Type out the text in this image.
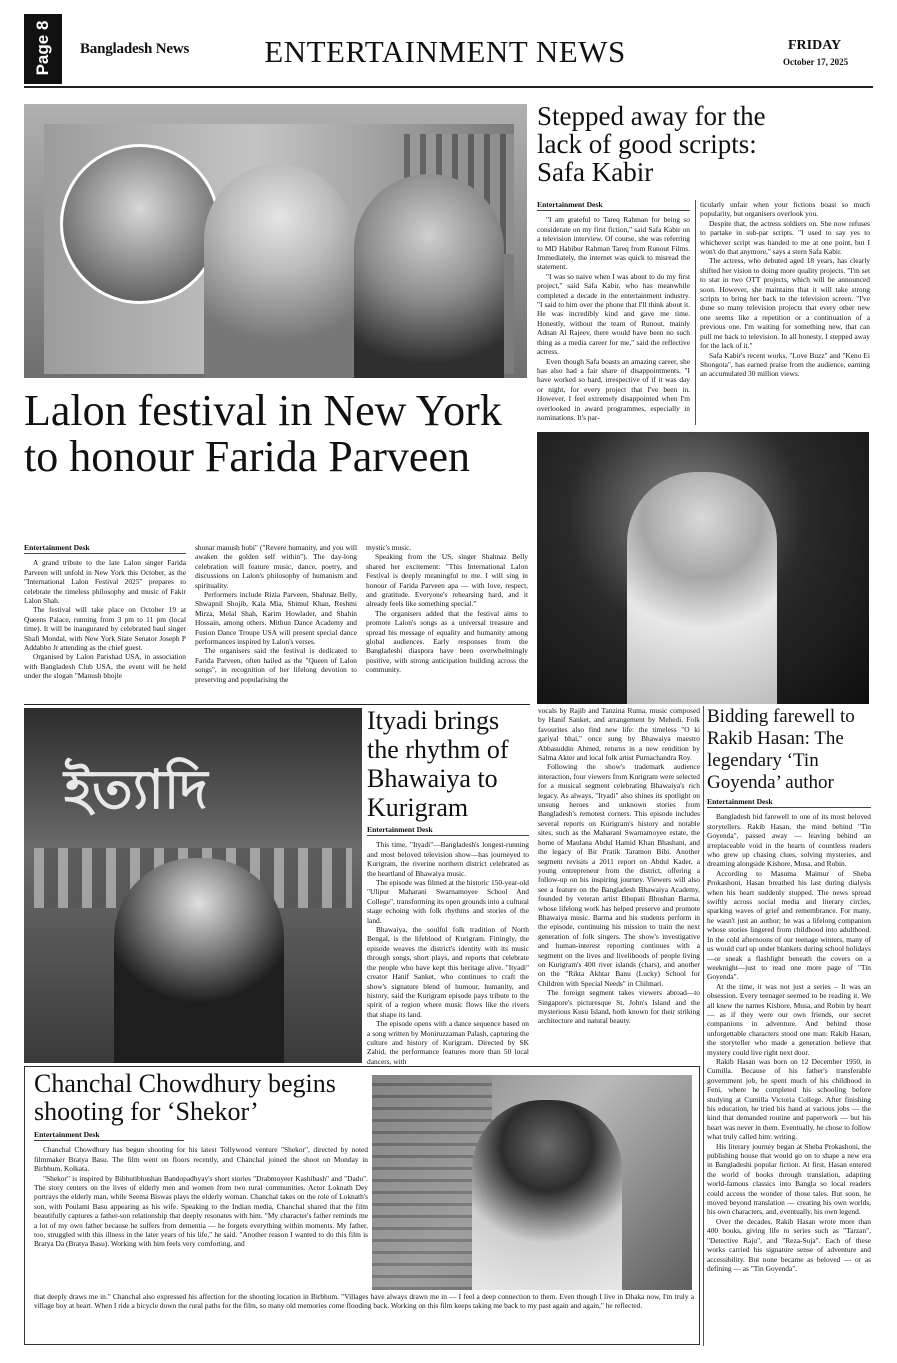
Page 8 Bangladesh News	ENTERTAINMENT NEWS	FRIDAY
October 17, 2025
Stepped away for the lack of good scripts: Safa Kabir
Entertainment Desk

"I am grateful to Tareq Rahman for being so considerate on my first fiction," said Safa Kabir on a television interview. Of course, she was referring to MD Habibur Rahman Tareq from Runout Films. Immediately, the internet was quick to misread the statement.

"I was so naive when I was about to do my first project," said Safa Kabir, who has meanwhile completed a decade in the entertainment industry. "I said to him over the phone that I'll think about it. He was incredibly kind and gave me time. Honestly, without the team of Runout, mainly Adnan Al Rajeev, there would have been no such thing as a media career for me," said the reflective actress.

Even though Safa boasts an amazing career, she has also had a fair share of disappointments. "I have worked so hard, irrespective of if it was day or night, for every project that I've been in. However, I feel extremely disappointed when I'm overlooked in award programmes, especially in nominations. It's par-

ticularly unfair when your fictions boast so much popularity, but organisers overlook you.

Despite that, the actress soldiers on. She now refuses to partake in sub-par scripts. "I used to say yes to whichever script was handed to me at one point, but I won't do that anymore," says a stern Safa Kabir.

The actress, who debuted aged 18 years, has clearly shifted her vision to doing more quality projects. "I'm set to star in two OTT projects, which will be announced soon. However, she maintains that it will take strong scripts to bring her back to the television screen. "I've done so many television projects that every other new one seems like a repetition or a continuation of a previous one. I'm waiting for something new, that can pull me back to television. In all honesty, I stepped away for the lack of it."

Safa Kabir's recent works, "Love Buzz" and "Keno Ei Shongota", has earned praise from the audience, earning an accumulated 30 million views.

Lalon festival in New York to honour Farida Parveen
Entertainment Desk

A grand tribute to the late Lalon singer Farida Parveen will unfold in New York this October, as the "International Lalon Festival 2025" prepares to celebrate the timeless philosophy and music of Fakir Lalon Shah.

The festival will take place on October 19 at Queens Palace, running from 3 pm to 11 pm (local time). It will be inaugurated by celebrated baul singer Shafi Mondal, with New York State Senator Joseph P Addabbo Jr attending as the chief guest.

Organised by Lalon Parishad USA, in association with Bangladesh Club USA, the event will be held under the slogan "Manush bhojle

shonar manush hobi" ("Revere humanity, and you will awaken the golden self within"). The day-long celebration will feature music, dance, poetry, and discussions on Lalon's philosophy of humanism and spirituality.

Performers include Rizia Parveen, Shahnaz Belly, Shwapnil Shojib, Kala Mia, Shimul Khan, Reshmi Mirza, Melal Shah, Karim Howlader, and Shahin Hossain, among others. Mithun Dance Academy and Fusion Dance Troupe USA will present special dance performances inspired by Lalon's verses.

The organisers said the festival is dedicated to Farida Parveen, often hailed as the "Queen of Lalon songs", in recognition of her lifelong devotion to preserving and popularising the

mystic's music.

Speaking from the US, singer Shahnaz Belly shared her excitement: "This International Lalon Festival is deeply meaningful to me. I will sing in honour of Farida Parveen apa — with love, respect, and gratitude. Everyone's rehearsing hard, and it already feels like something special."

The organisers added that the festival aims to promote Lalon's songs as a universal treasure and spread his message of equality and humanity among global audiences. Early responses from the Bangladeshi diaspora have been overwhelmingly positive, with strong anticipation building across the community.

ইত্যাদি
Ityadi brings the rhythm of Bhawaiya to Kurigram
Entertainment Desk

This time, "Ityadi"—Bangladesh's longest-running and most beloved television show—has journeyed to Kurigram, the riverine northern district celebrated as the heartland of Bhawaiya music.

The episode was filmed at the historic 150-year-old "Ulipur Maharani Swarnamoyee School And College", transforming its open grounds into a cultural stage echoing with folk rhythms and stories of the land.

Bhawaiya, the soulful folk tradition of North Bengal, is the lifeblood of Kurigram. Fittingly, the episode weaves the district's identity with its music through songs, short plays, and reports that celebrate the people who have kept this heritage alive. "Ityadi" creator Hanif Sanket, who continues to craft the show's signature blend of humour, humanity, and history, said the Kurigram episode pays tribute to the spirit of a region where music flows like the rivers that shape its land.

The episode opens with a dance sequence based on a song written by Moniruzzaman Palash, capturing the culture and history of Kurigram. Directed by SK Zahid, the performance features more than 50 local dancers, with

vocals by Rajib and Tanzina Ruma, music composed by Hanif Sanket, and arrangement by Mehedi. Folk favourites also find new life: the timeless "O ki gariyal bhai," once sung by Bhawaiya maestro Abbasuddin Ahmed, returns in a new rendition by Salma Akter and local folk artist Purnachandra Roy.

Following the show's trademark audience interaction, four viewers from Kurigram were selected for a musical segment celebrating Bhawaiya's rich legacy. As always, "Ityadi" also shines its spotlight on unsung heroes and unknown stories from Bangladesh's remotest corners. This episode includes several reports on Kurigram's history and notable sites, such as the Maharani Swarnamoyee estate, the home of Maulana Abdul Hamid Khan Bhashani, and the legacy of Bir Pratik Taramon Bibi. Another segment revisits a 2011 report on Abdul Kader, a young entrepreneur from the district, offering a follow-up on his inspiring journey. Viewers will also see a feature on the Bangladesh Bhawaiya Academy, founded by veteran artist Bhupati Bhushan Barma, whose lifelong work has helped preserve and promote Bhawaiya music. Barma and his students perform in the episode, continuing his mission to train the next generation of folk singers. The show's investigative and human-interest reporting continues with a segment on the lives and livelihoods of people living on Kurigram's 400 river islands (chars), and another on the "Rikta Akhtar Banu (Lucky) School for Children with Special Needs" in Chilmari.

The foreign segment takes viewers abroad—to Singapore's picturesque St. John's Island and the mysterious Kusu Island, both known for their striking architecture and natural beauty.

Bidding farewell to Rakib Hasan: The legendary ‘Tin Goyenda’ author
Entertainment Desk

Bangladesh bid farewell to one of its most beloved storytellers. Rakib Hasan, the mind behind "Tin Goyenda", passed away — leaving behind an irreplaceable void in the hearts of countless readers who grew up chasing clues, solving mysteries, and dreaming alongside Kishore, Musa, and Robin.

According to Masuma Maimur of Sheba Prokashoni, Hasan breathed his last during dialysis when his heart suddenly stopped. The news spread swiftly across social media and literary circles, sparking waves of grief and remembrance. For many, he wasn't just an author; he was a lifelong companion whose stories lingered from childhood into adulthood. In the cold afternoons of our teenage winters, many of us would curl up under blankets during school holidays—or sneak a flashlight beneath the covers on a weeknight—just to read one more page of "Tin Goyenda".

At the time, it was not just a series – It was an obsession. Every teenager seemed to be reading it. We all knew the names Kishore, Musa, and Robin by heart — as if they were our own friends, our secret companions in adventure. And behind those unforgettable characters stood one man: Rakib Hasan, the storyteller who made a generation believe that mystery could live right next door.

Rakib Hasan was born on 12 December 1950, in Cumilla. Because of his father's transferable government job, he spent much of his childhood in Feni, where he completed his schooling before studying at Cumilla Victoria College. After finishing his education, he tried his hand at various jobs — the kind that demanded routine and paperwork — but his heart was never in them. Eventually, he chose to follow what truly called him: writing.

His literary journey began at Sheba Prokashoni, the publishing house that would go on to shape a new era in Bangladeshi popular fiction. At first, Hasan entered the world of books through translation, adapting world-famous classics into Bangla so local readers could access the wonder of those tales. But soon, he moved beyond translation — creating his own worlds, his own characters, and, eventually, his own legend.

Over the decades, Rakib Hasan wrote more than 400 books, giving life to series such as "Tarzan", "Detective Raju", and "Reza-Suja". Each of these works carried his signature sense of adventure and accessibility. But none became as beloved — or as defining — as "Tin Goyenda".

Chanchal Chowdhury begins shooting for ‘Shekor’
Entertainment Desk

Chanchal Chowdhury has begun shooting for his latest Tollywood venture "Shekor", directed by noted filmmaker Bratya Basu. The film went on floors recently, and Chanchal joined the shoot on Monday in Birbhum, Kolkata.

"Shekor" is inspired by Bibhutibhushan Bandopadhyay's short stories "Drabmoyeer Kashibash" and "Dadu". The story centers on the lives of elderly men and women from two rural communities. Actor Loknath Dey portrays the elderly man, while Seema Biswas plays the elderly woman. Chanchal takes on the role of Loknath's son, with Poulami Basu appearing as his wife. Speaking to the Indian media, Chanchal shared that the film beautifully captures a father-son relationship that deeply resonates with him. "My character's father reminds me a lot of my own father because he suffers from dementia — he forgets everything within moments. My father, too, struggled with this illness in the later years of his life," he said. "Another reason I wanted to do this film is Bratya Da (Bratya Basu). Working with him feels very comforting, and

that deeply draws me in." Chanchal also expressed his affection for the shooting location in Birbhum. "Villages have always drawn me in — I feel a deep connection to them. Even though I live in Dhaka now, I'm truly a village boy at heart. When I ride a bicycle down the rural paths for the film, so many old memories come flooding back. Working on this film keeps taking me back to my past again and again," he reflected.
